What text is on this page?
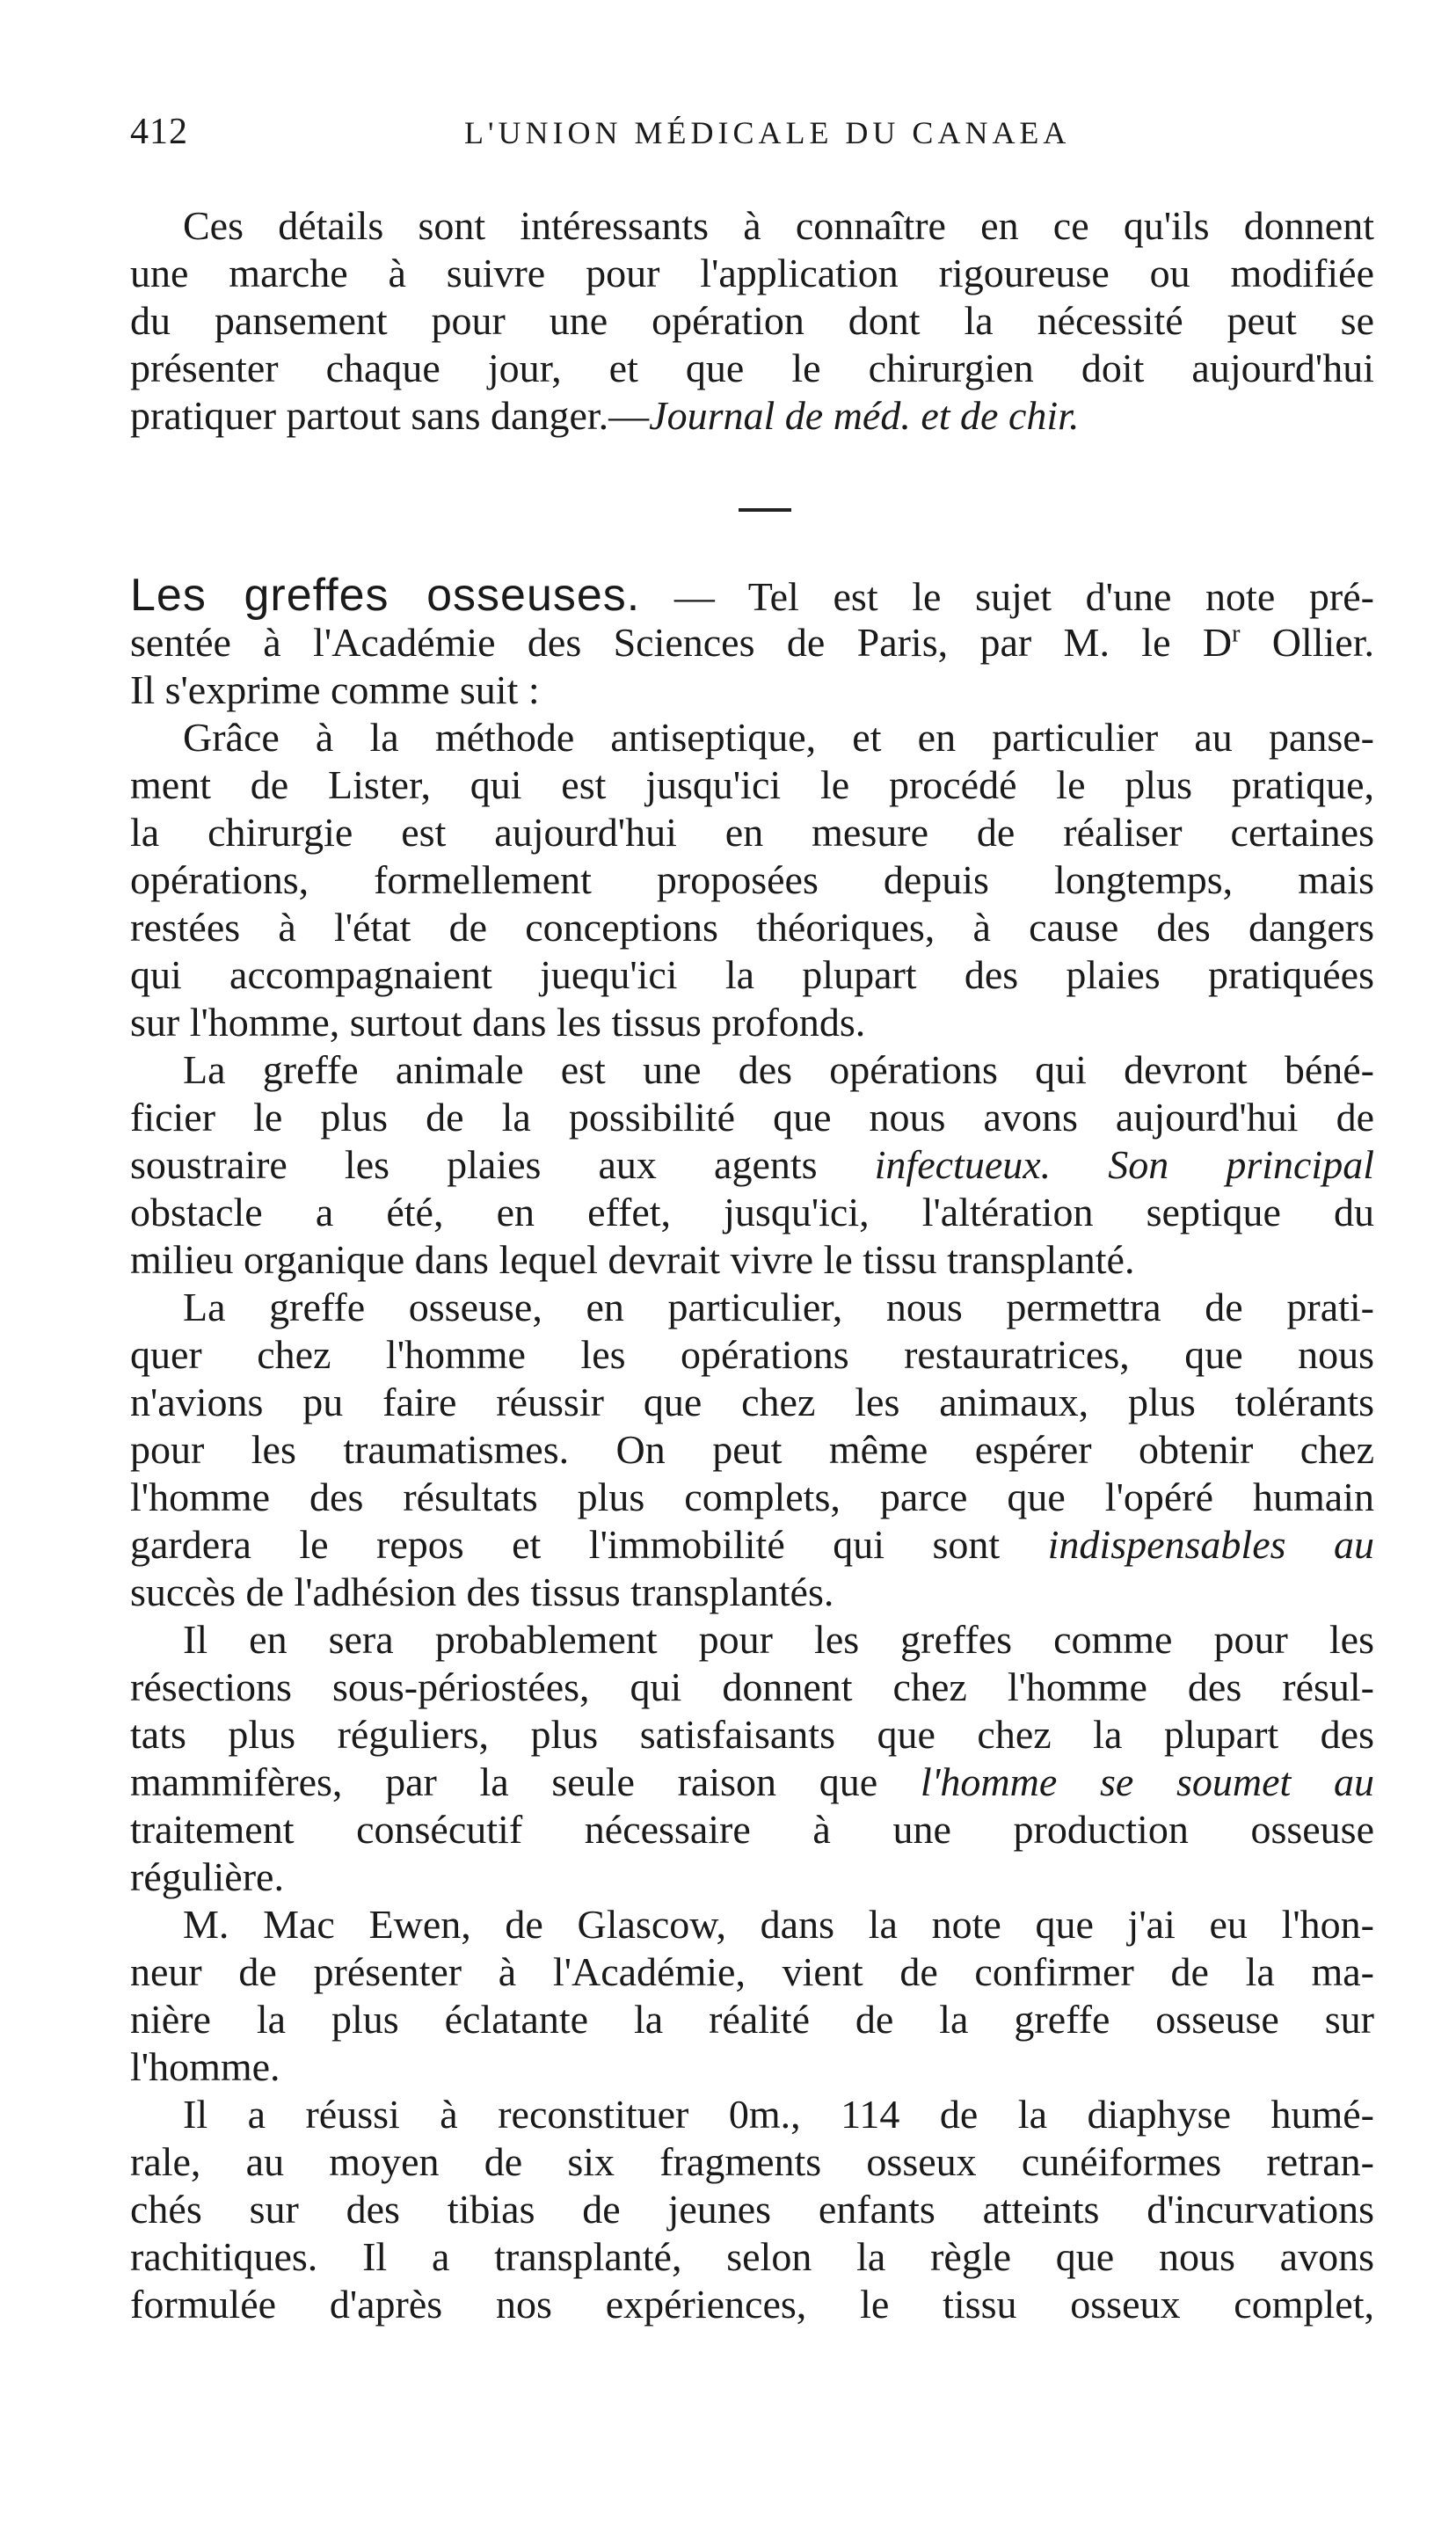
412	L'UNION MÉDICALE DU CANAEA
Ces détails sont intéressants à connaître en ce qu'ils donnent
une marche à suivre pour l'application rigoureuse ou modifiée
du pansement pour une opération dont la nécessité peut se
présenter chaque jour, et que le chirurgien doit aujourd'hui
pratiquer partout sans danger.—Journal de méd. et de chir.
Les greffes osseuses. — Tel est le sujet d'une note pré-
sentée à l'Académie des Sciences de Paris, par M. le $D^r$ Ollier.
Il s'exprime comme suit :
Grâce à la méthode antiseptique, et en particulier au panse-
ment de Lister, qui est jusqu'ici le procédé le plus pratique,
la chirurgie est aujourd'hui en mesure de réaliser certaines
opérations, formellement proposées depuis longtemps, mais
restées à l'état de conceptions théoriques, à cause des dangers
qui accompagnaient juequ'ici la plupart des plaies pratiquées
sur l'homme, surtout dans les tissus profonds.
La greffe animale est une des opérations qui devront béné-
ficier le plus de la possibilité que nous avons aujourd'hui de
soustraire les plaies aux agents infectueux. Son principal
obstacle a été, en effet, jusqu'ici, l'altération septique du
milieu organique dans lequel devrait vivre le tissu transplanté.
La greffe osseuse, en particulier, nous permettra de prati-
quer chez l'homme les opérations restauratrices, que nous
n'avions pu faire réussir que chez les animaux, plus tolérants
pour les traumatismes. On peut même espérer obtenir chez
l'homme des résultats plus complets, parce que l'opéré humain
gardera le repos et l'immobilité qui sont indispensables au
succès de l'adhésion des tissus transplantés.
Il en sera probablement pour les greffes comme pour les
résections sous-périostées, qui donnent chez l'homme des résul-
tats plus réguliers, plus satisfaisants que chez la plupart des
mammifères, par la seule raison que l'homme se soumet au
traitement consécutif nécessaire à une production osseuse
régulière.
M. Mac Ewen, de Glascow, dans la note que j'ai eu l'hon-
neur de présenter à l'Académie, vient de confirmer de la ma-
nière la plus éclatante la réalité de la greffe osseuse sur
l'homme.
Il a réussi à reconstituer 0m., 114 de la diaphyse humé-
rale, au moyen de six fragments osseux cunéiformes retran-
chés sur des tibias de jeunes enfants atteints d'incurvations
rachitiques. Il a transplanté, selon la règle que nous avons
formulée d'après nos expériences, le tissu osseux complet,
